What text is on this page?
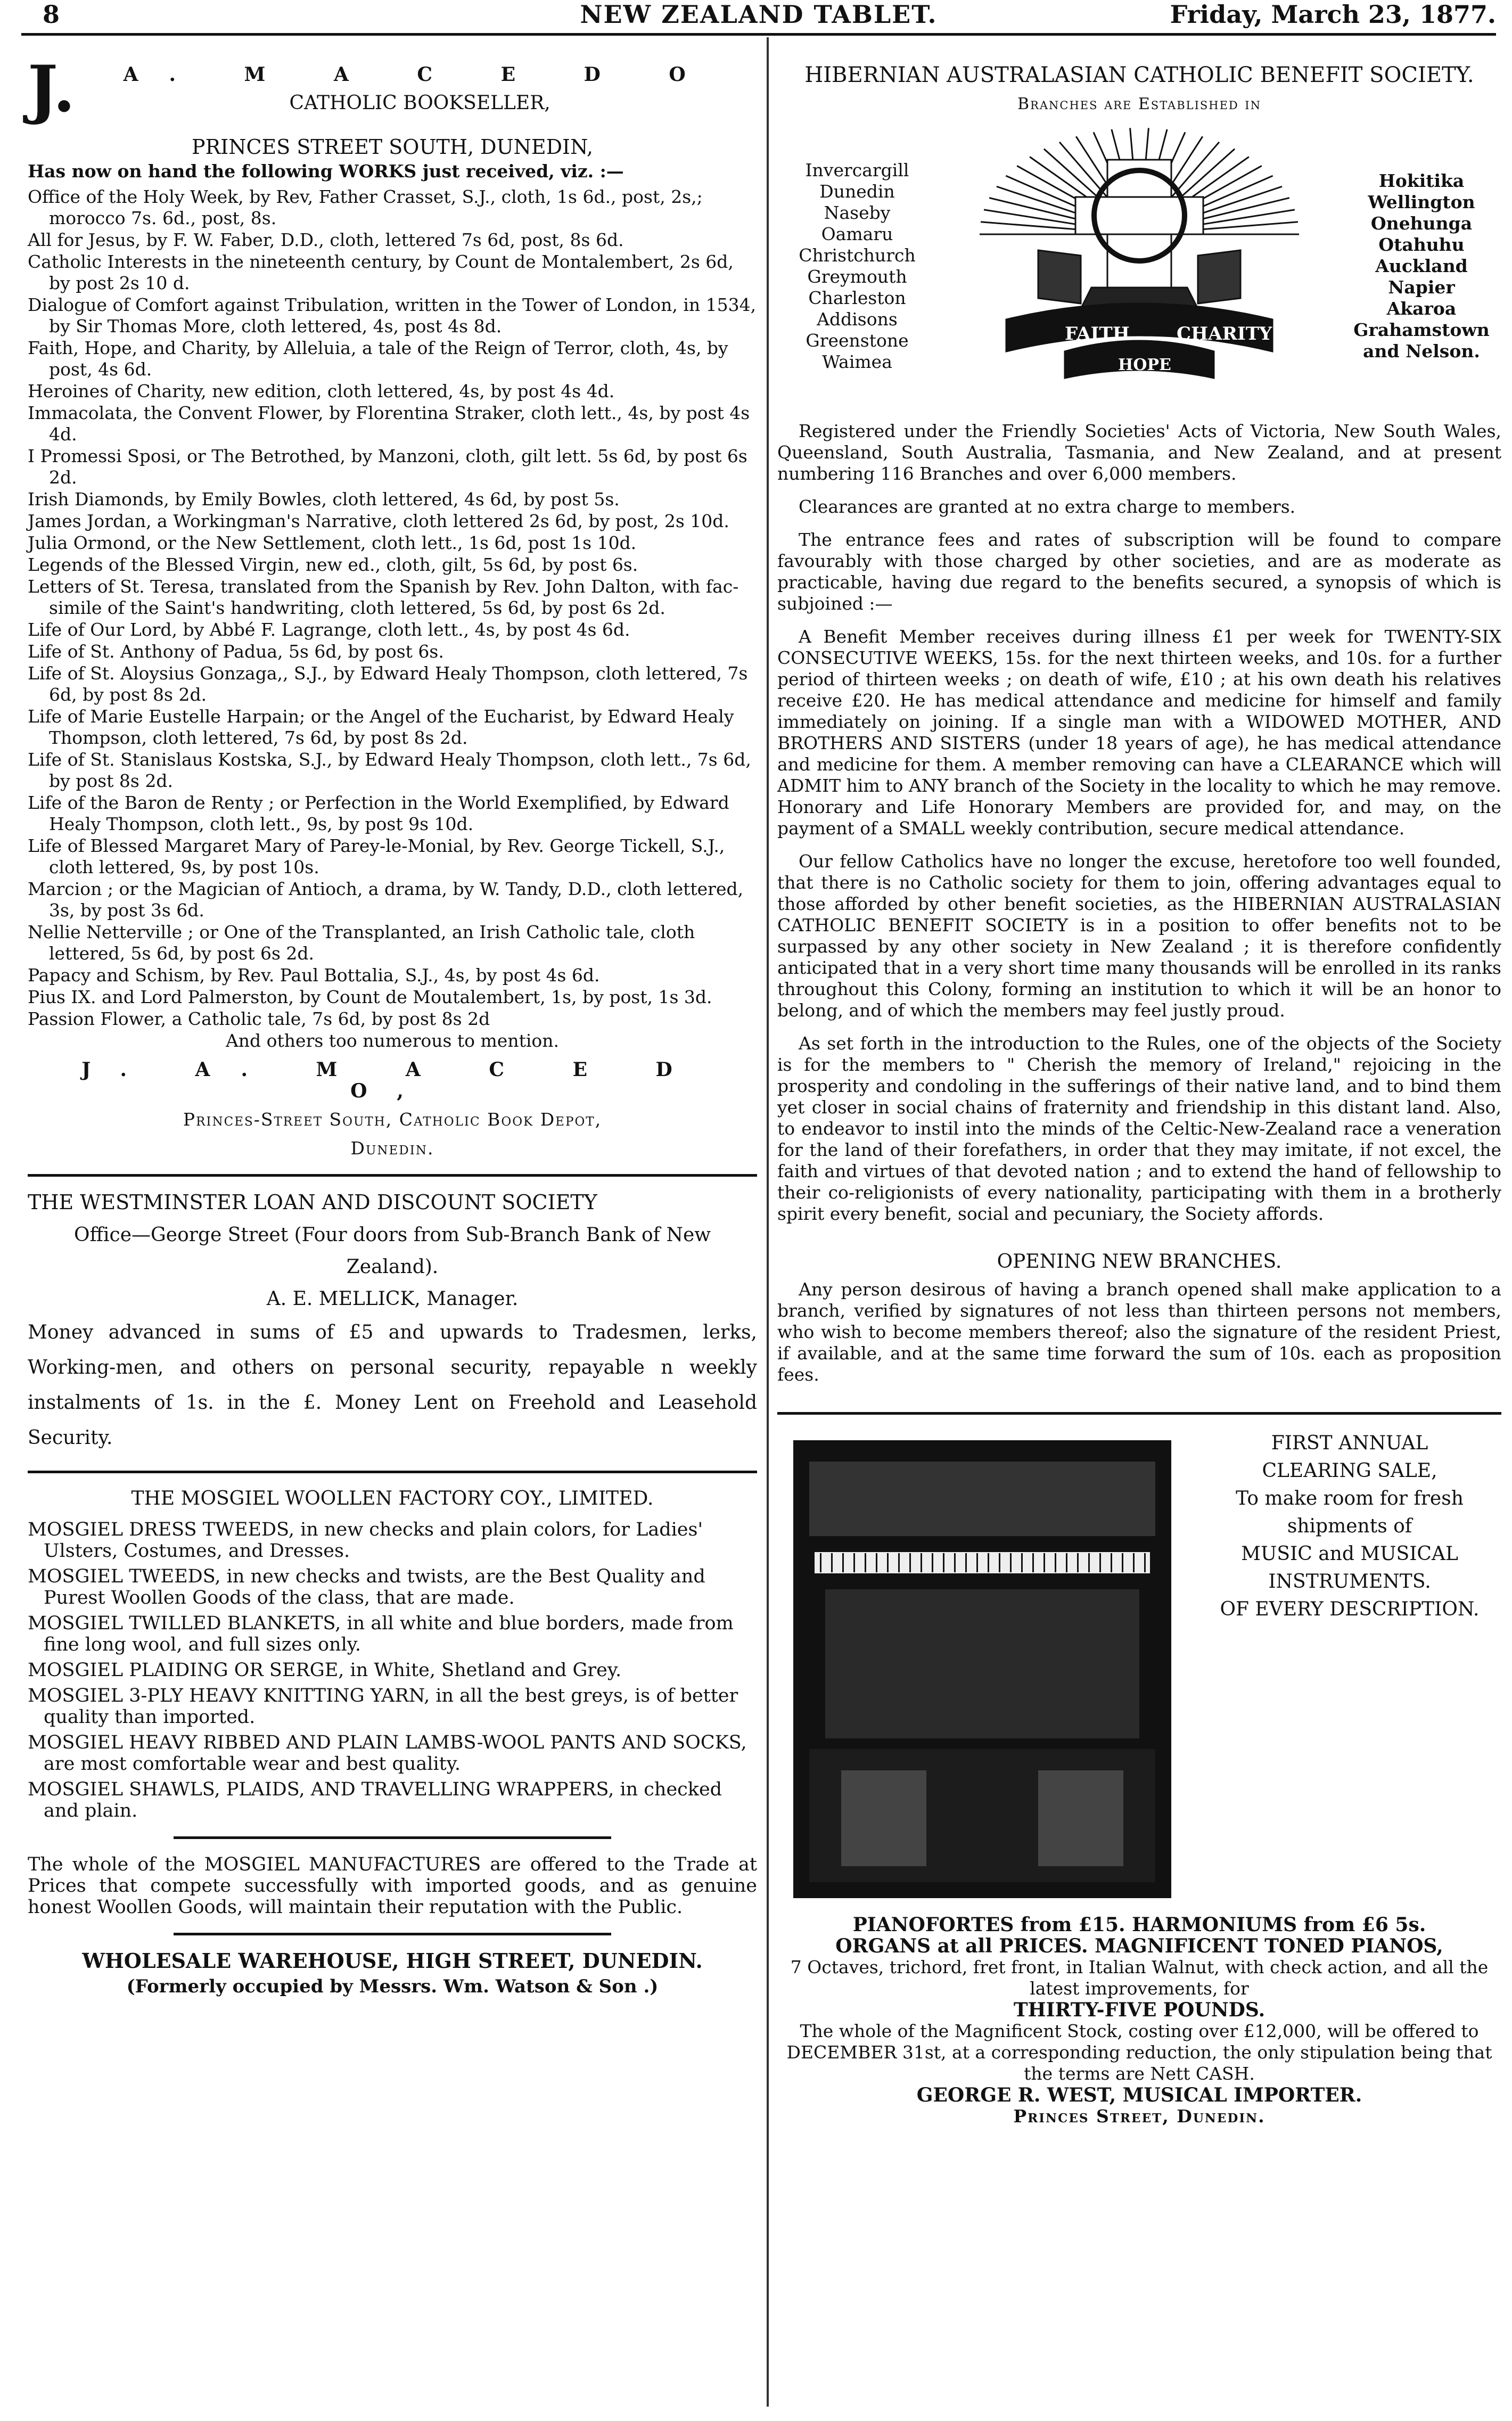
8	NEW ZEALAND TABLET.	Friday, March 23, 1877.
J.	A. M A C E D O
CATHOLIC BOOKSELLER,
PRINCES STREET SOUTH, DUNEDIN,

Has now on hand the following WORKS just received, viz. :—

Office of the Holy Week, by Rev, Father Crasset, S.J., cloth, 1s 6d., post, 2s,; morocco 7s. 6d., post, 8s.

All for Jesus, by F. W. Faber, D.D., cloth, lettered 7s 6d, post, 8s 6d.

Catholic Interests in the nineteenth century, by Count de Montalembert, 2s 6d, by post 2s 10 d.

Dialogue of Comfort against Tribulation, written in the Tower of London, in 1534, by Sir Thomas More, cloth lettered, 4s, post 4s 8d.

Faith, Hope, and Charity, by Alleluia, a tale of the Reign of Terror, cloth, 4s, by post, 4s 6d.

Heroines of Charity, new edition, cloth lettered, 4s, by post 4s 4d.

Immacolata, the Convent Flower, by Florentina Straker, cloth lett., 4s, by post 4s 4d.

I Promessi Sposi, or The Betrothed, by Manzoni, cloth, gilt lett. 5s 6d, by post 6s 2d.

Irish Diamonds, by Emily Bowles, cloth lettered, 4s 6d, by post 5s.

James Jordan, a Workingman's Narrative, cloth lettered 2s 6d, by post, 2s 10d.

Julia Ormond, or the New Settlement, cloth lett., 1s 6d, post 1s 10d.

Legends of the Blessed Virgin, new ed., cloth, gilt, 5s 6d, by post 6s.

Letters of St. Teresa, translated from the Spanish by Rev. John Dalton, with fac-simile of the Saint's handwriting, cloth lettered, 5s 6d, by post 6s 2d.

Life of Our Lord, by Abbé F. Lagrange, cloth lett., 4s, by post 4s 6d.

Life of St. Anthony of Padua, 5s 6d, by post 6s.

Life of St. Aloysius Gonzaga,, S.J., by Edward Healy Thompson, cloth lettered, 7s 6d, by post 8s 2d.

Life of Marie Eustelle Harpain; or the Angel of the Eucharist, by Edward Healy Thompson, cloth lettered, 7s 6d, by post 8s 2d.

Life of St. Stanislaus Kostska, S.J., by Edward Healy Thompson, cloth lett., 7s 6d, by post 8s 2d.

Life of the Baron de Renty ; or Perfection in the World Exemplified, by Edward Healy Thompson, cloth lett., 9s, by post 9s 10d.

Life of Blessed Margaret Mary of Parey-le-Monial, by Rev. George Tickell, S.J., cloth lettered, 9s, by post 10s.

Marcion ; or the Magician of Antioch, a drama, by W. Tandy, D.D., cloth lettered, 3s, by post 3s 6d.

Nellie Netterville ; or One of the Transplanted, an Irish Catholic tale, cloth lettered, 5s 6d, by post 6s 2d.

Papacy and Schism, by Rev. Paul Bottalia, S.J., 4s, by post 4s 6d.

Pius IX. and Lord Palmerston, by Count de Moutalembert, 1s, by post, 1s 3d.

Passion Flower, a Catholic tale, 7s 6d, by post 8s 2d

And others too numerous to mention.
J. A. M A C E D O,
Princes-Street South, Catholic Book Depot,
Dunedin.
THE WESTMINSTER LOAN AND DISCOUNT SOCIETY
Office—George Street (Four doors from Sub-Branch Bank of New Zealand).
A. E. MELLICK, Manager.

Money advanced in sums of £5 and upwards to Tradesmen, lerks, Working-men, and others on personal security, repayable n weekly instalments of 1s. in the £. Money Lent on Freehold and Leasehold Security.

THE MOSGIEL WOOLLEN FACTORY COY., LIMITED.

MOSGIEL DRESS TWEEDS, in new checks and plain colors, for Ladies' Ulsters, Costumes, and Dresses.

MOSGIEL TWEEDS, in new checks and twists, are the Best Quality and Purest Woollen Goods of the class, that are made.

MOSGIEL TWILLED BLANKETS, in all white and blue borders, made from fine long wool, and full sizes only.

MOSGIEL PLAIDING OR SERGE, in White, Shetland and Grey.

MOSGIEL 3-PLY HEAVY KNITTING YARN, in all the best greys, is of better quality than imported.

MOSGIEL HEAVY RIBBED AND PLAIN LAMBS-WOOL PANTS AND SOCKS, are most comfortable wear and best quality.

MOSGIEL SHAWLS, PLAIDS, AND TRAVELLING WRAPPERS, in checked and plain.

The whole of the MOSGIEL MANUFACTURES are offered to the Trade at Prices that compete successfully with imported goods, and as genuine honest Woollen Goods, will maintain their reputation with the Public.

WHOLESALE WAREHOUSE, HIGH STREET, DUNEDIN.
(Formerly occupied by Messrs. Wm. Watson & Son .)
HIBERNIAN AUSTRALASIAN CATHOLIC BENEFIT SOCIETY.
Branches are Established in
Invercargill
Dunedin
Naseby
Oamaru
Christchurch
Greymouth
Charleston
Addisons
Greenstone
Waimea
FAITH
HOPE
CHARITY
Hokitika
Wellington
Onehunga
Otahuhu
Auckland
Napier
Akaroa
Grahamstown
and Nelson.

Registered under the Friendly Societies' Acts of Victoria, New South Wales, Queensland, South Australia, Tasmania, and New Zealand, and at present numbering 116 Branches and over 6,000 members.

Clearances are granted at no extra charge to members.

The entrance fees and rates of subscription will be found to compare favourably with those charged by other societies, and are as moderate as practicable, having due regard to the benefits secured, a synopsis of which is subjoined :—

A Benefit Member receives during illness £1 per week for TWENTY-SIX CONSECUTIVE WEEKS, 15s. for the next thirteen weeks, and 10s. for a further period of thirteen weeks ; on death of wife, £10 ; at his own death his relatives receive £20. He has medical attendance and medicine for himself and family immediately on joining. If a single man with a WIDOWED MOTHER, AND BROTHERS AND SISTERS (under 18 years of age), he has medical attendance and medicine for them. A member removing can have a CLEARANCE which will ADMIT him to ANY branch of the Society in the locality to which he may remove. Honorary and Life Honorary Members are provided for, and may, on the payment of a SMALL weekly contribution, secure medical attendance.

Our fellow Catholics have no longer the excuse, heretofore too well founded, that there is no Catholic society for them to join, offering advantages equal to those afforded by other benefit societies, as the HIBERNIAN AUSTRALASIAN CATHOLIC BENEFIT SOCIETY is in a position to offer benefits not to be surpassed by any other society in New Zealand ; it is therefore confidently anticipated that in a very short time many thousands will be enrolled in its ranks throughout this Colony, forming an institution to which it will be an honor to belong, and of which the members may feel justly proud.

As set forth in the introduction to the Rules, one of the objects of the Society is for the members to " Cherish the memory of Ireland," rejoicing in the prosperity and condoling in the sufferings of their native land, and to bind them yet closer in social chains of fraternity and friendship in this distant land. Also, to endeavor to instil into the minds of the Celtic-New-Zealand race a veneration for the land of their forefathers, in order that they may imitate, if not excel, the faith and virtues of that devoted nation ; and to extend the hand of fellowship to their co-religionists of every nationality, participating with them in a brotherly spirit every benefit, social and pecuniary, the Society affords.

OPENING NEW BRANCHES.

Any person desirous of having a branch opened shall make application to a branch, verified by signatures of not less than thirteen persons not members, who wish to become members thereof; also the signature of the resident Priest, if available, and at the same time forward the sum of 10s. each as proposition fees.

FIRST ANNUAL
CLEARING SALE,
To make room for fresh
shipments of
MUSIC and MUSICAL
INSTRUMENTS.
OF EVERY DESCRIPTION.
PIANOFORTES from £15. HARMONIUMS from £6 5s.
ORGANS at all PRICES. MAGNIFICENT TONED PIANOS,
7 Octaves, trichord, fret front, in Italian Walnut, with check action, and all the latest improvements, for
THIRTY-FIVE POUNDS.
The whole of the Magnificent Stock, costing over £12,000, will be offered to DECEMBER 31st, at a corresponding reduction, the only stipulation being that the terms are Nett CASH.
GEORGE R. WEST, MUSICAL IMPORTER.
Princes Street, Dunedin.
